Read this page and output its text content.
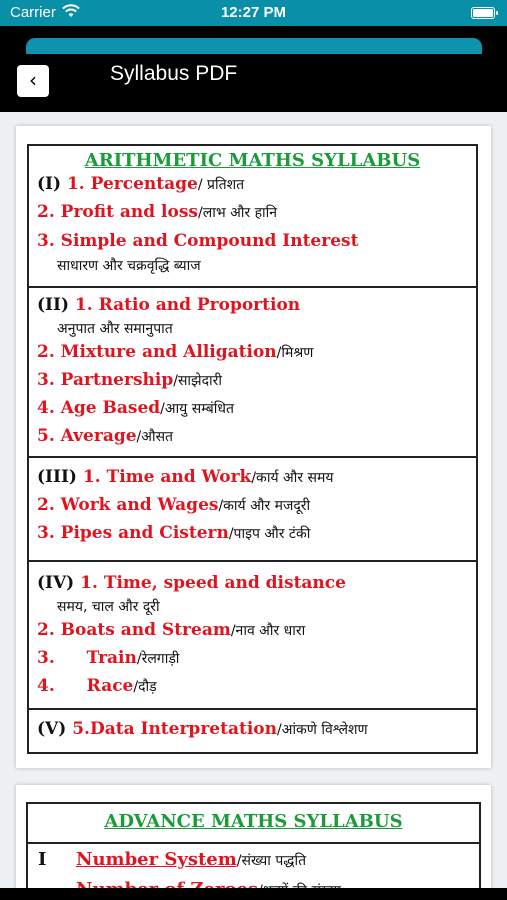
Carrier	12:27 PM
‹	Syllabus PDF
ARITHMETIC MATHS SYLLABUS
(I) 1. Percentage/ प्रतिशत
2. Profit and loss/लाभ और हानि
3. Simple and Compound Interest
साधारण और चक्रवृद्धि ब्याज
(II) 1. Ratio and Proportion
अनुपात और समानुपात
2. Mixture and Alligation/मिश्रण
3. Partnership/साझेदारी
4. Age Based/आयु सम्बंधित
5. Average/औसत
(III) 1. Time and Work/कार्य और समय
2. Work and Wages/कार्य और मजदूरी
3. Pipes and Cistern/पाइप और टंकी
(IV) 1. Time, speed and distance
समय, चाल और दूरी
2. Boats and Stream/नाव और धारा
3. Train/रेलगाड़ी
4. Race/दौड़
(V) 5.Data Interpretation/आंकणे विश्लेशण
ADVANCE MATHS SYLLABUS
I Number System/संख्या पद्धति
